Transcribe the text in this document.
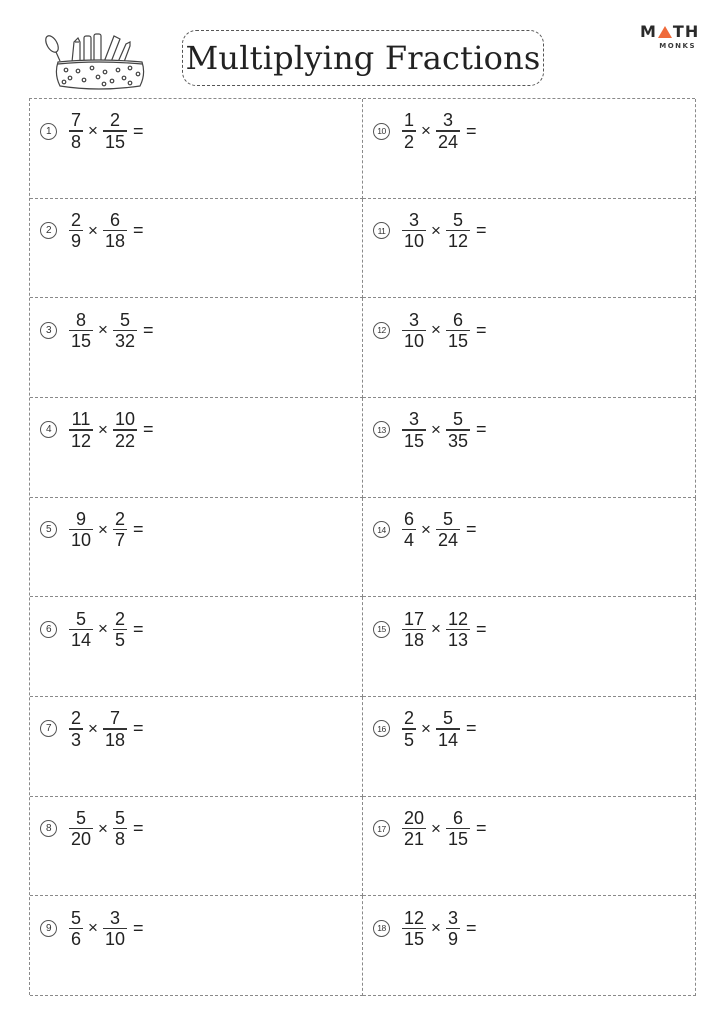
Multiplying Fractions
M TH
MONKS
$1 \frac{7}{8} \times \frac{2}{15}$ =	$10 \frac{1}{2} \times \frac{3}{24}$ =
$2 \frac{2}{9} \times \frac{6}{18}$ =	$11 \frac{3}{10} \times \frac{5}{12}$ =
$3 \frac{8}{15} \times \frac{5}{32}$ =	$12 \frac{3}{10} \times \frac{6}{15}$ =
$4 \frac{11}{12} \times \frac{10}{22}$ =	$13 \frac{3}{15} \times \frac{5}{35}$ =
$5 \frac{9}{10} \times \frac{2}{7}$ =	$14 \frac{6}{4} \times \frac{5}{24}$ =
$6 \frac{5}{14} \times \frac{2}{5}$ =	$15 \frac{17}{18} \times \frac{12}{13}$ =
$7 \frac{2}{3} \times \frac{7}{18}$ =	$16 \frac{2}{5} \times \frac{5}{14}$ =
$8 \frac{5}{20} \times \frac{5}{8}$ =	$17 \frac{20}{21} \times \frac{6}{15}$ =
$9 \frac{5}{6} \times \frac{3}{10}$ =	$18 \frac{12}{15} \times \frac{3}{9}$ =
